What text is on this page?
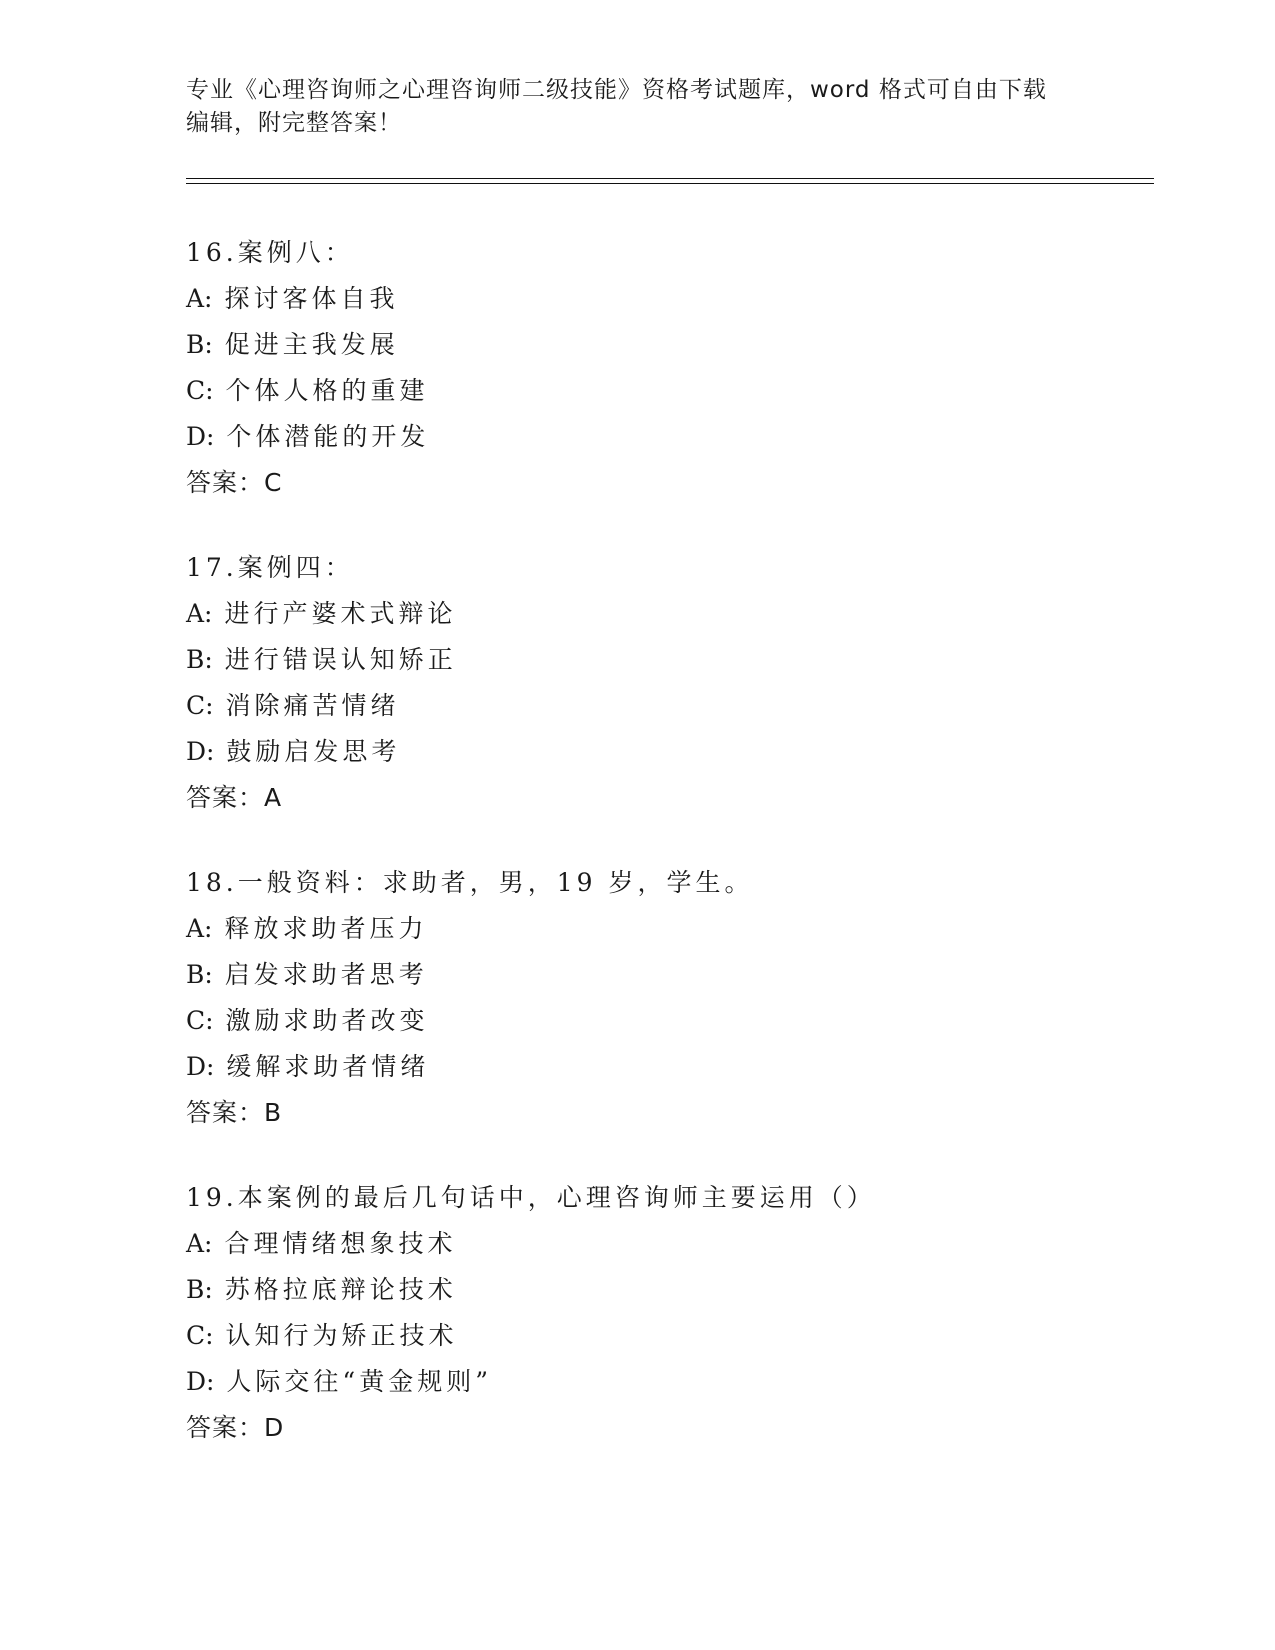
专业《心理咨询师之心理咨询师二级技能》资格考试题库，word 格式可自由下载
编辑，附完整答案！
16.案例八：
A: 探讨客体自我
B: 促进主我发展
C: 个体人格的重建
D: 个体潜能的开发
答案：C
17.案例四：
A: 进行产婆术式辩论
B: 进行错误认知矫正
C: 消除痛苦情绪
D: 鼓励启发思考
答案：A
18.一般资料：求助者，男，19 岁，学生。
A: 释放求助者压力
B: 启发求助者思考
C: 激励求助者改变
D: 缓解求助者情绪
答案：B
19.本案例的最后几句话中，心理咨询师主要运用（）
A: 合理情绪想象技术
B: 苏格拉底辩论技术
C: 认知行为矫正技术
D: 人际交往“黄金规则”
答案：D
